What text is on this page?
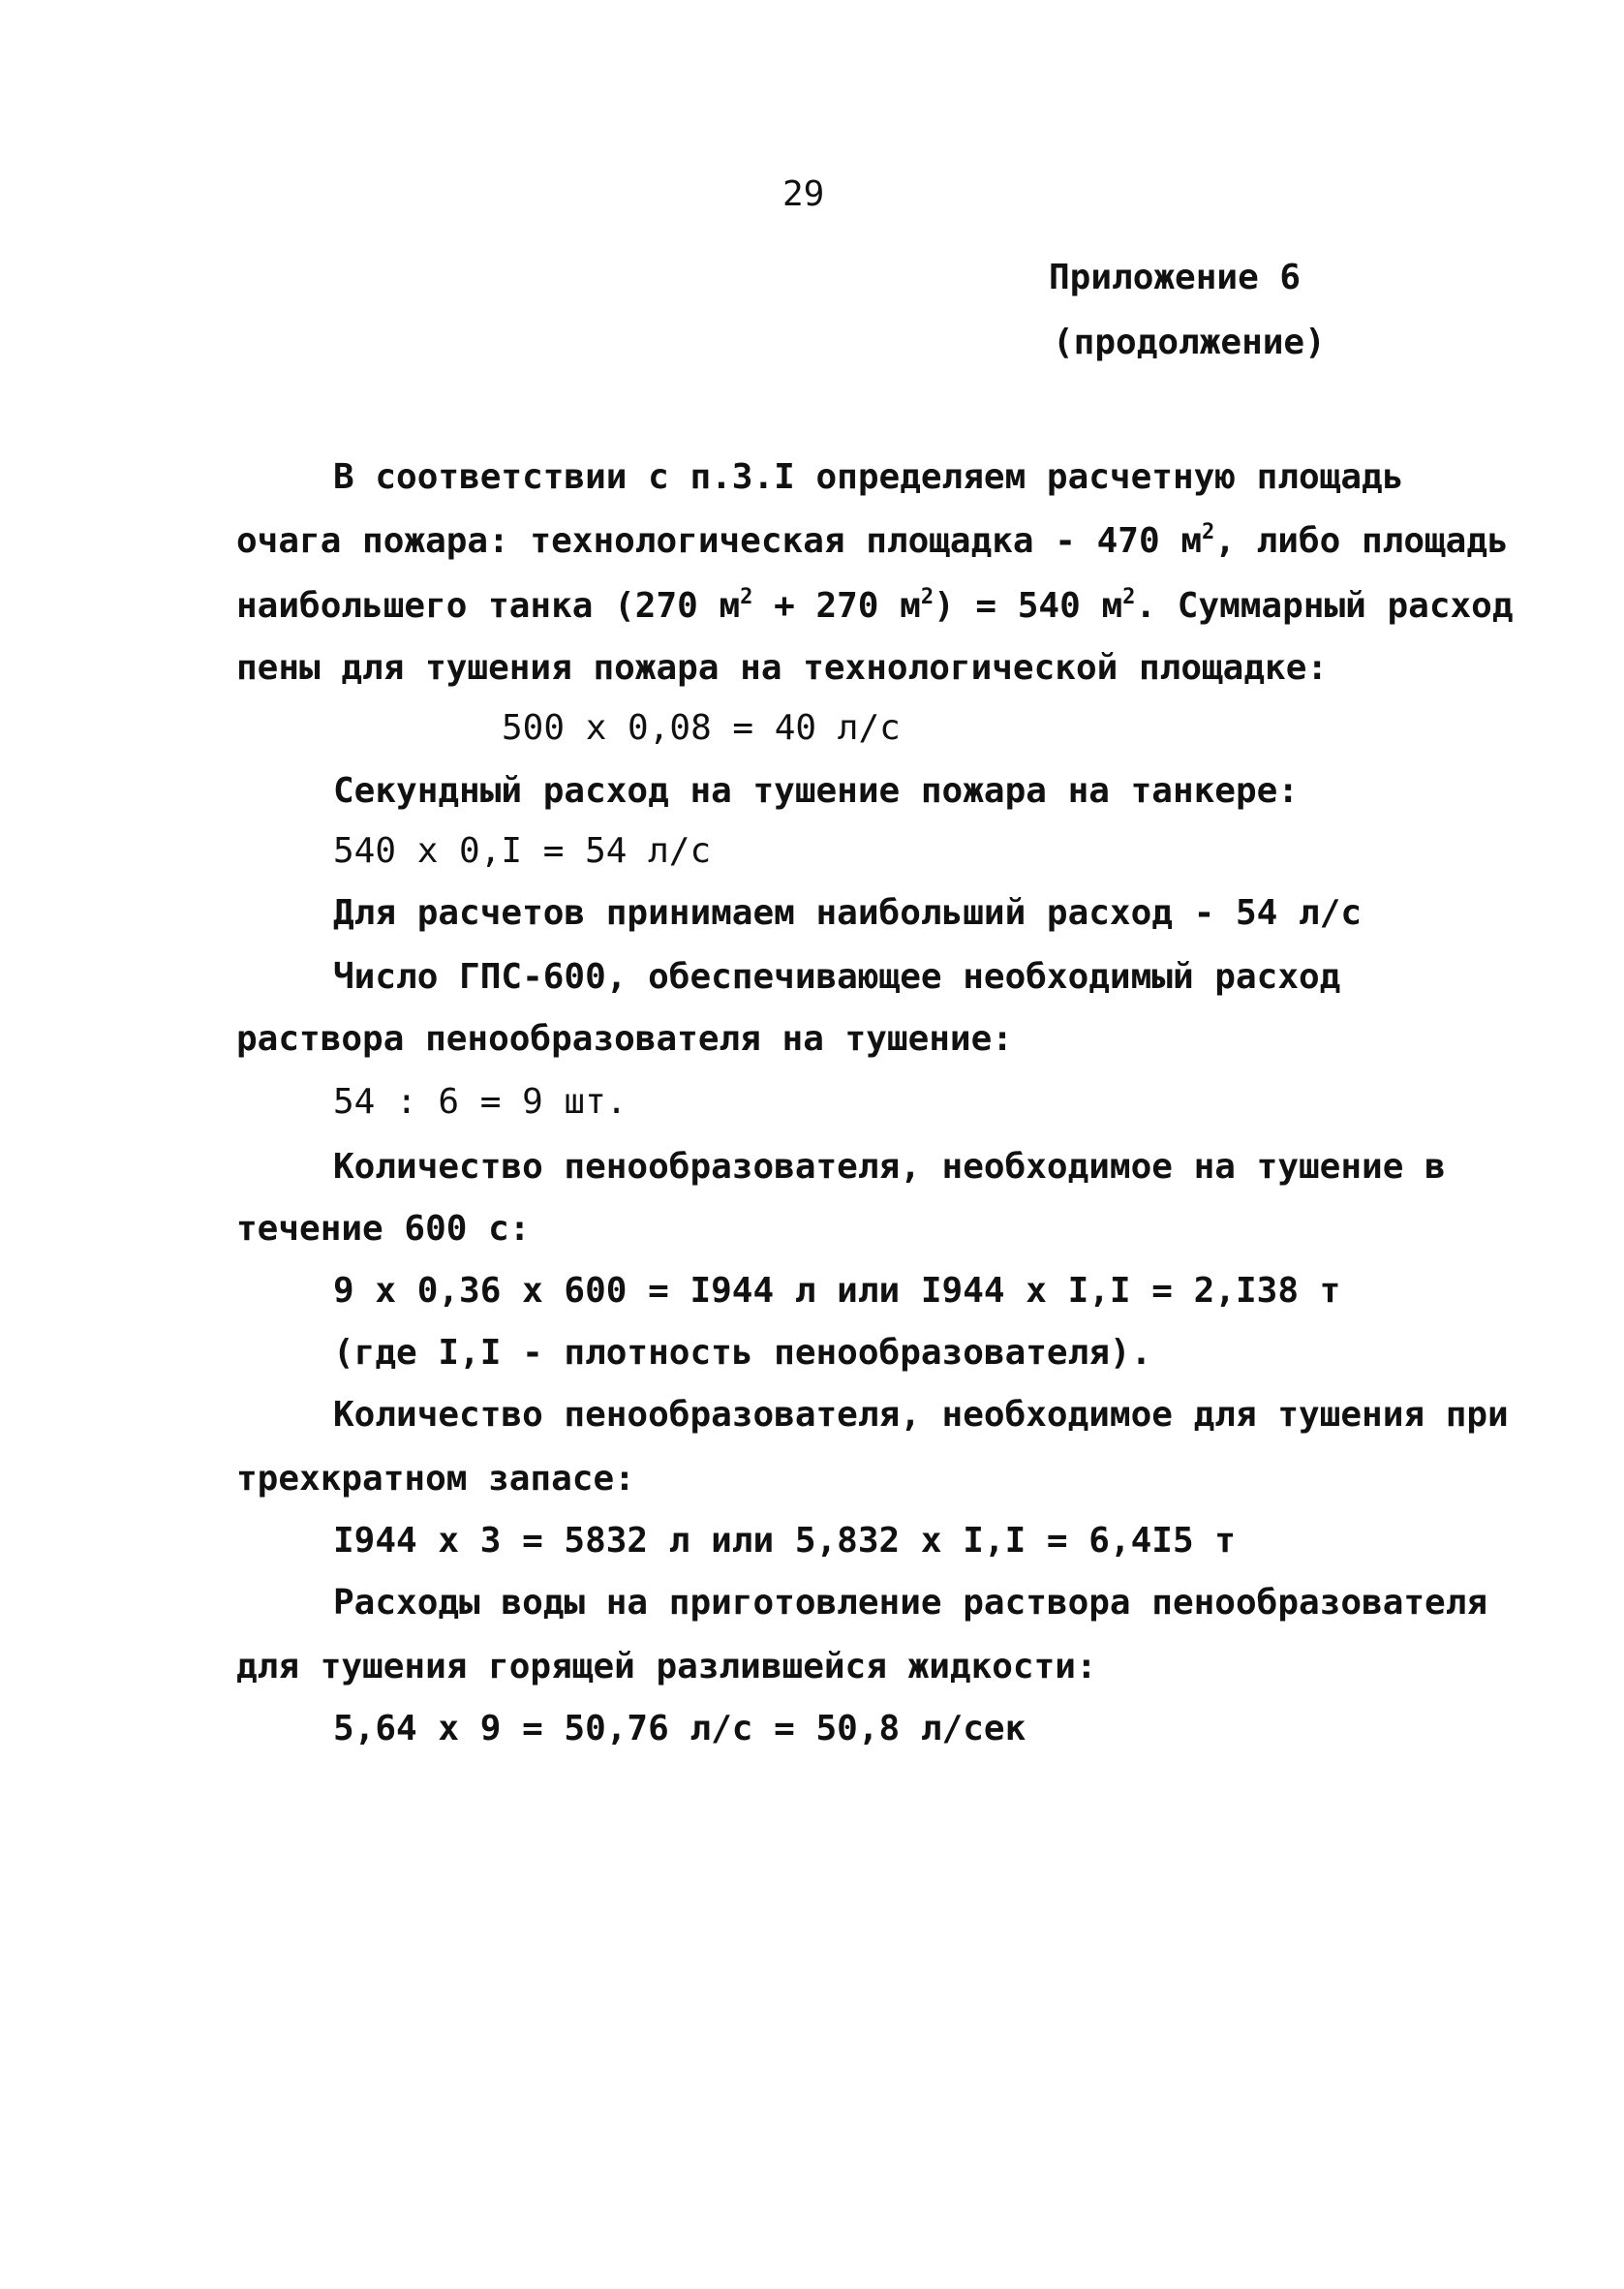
29
Приложение 6
(продолжение)
В соответствии с п.3.I определяем расчетную площадь
очага пожара: технологическая площадка - 470 $м^2$, либо площадь
наибольшего танка (270 $м^2 + 270$ $м^2) = 540$ $м^2$. Суммарный расход
пены для тушения пожара на технологической площадке:
500 х 0,08 = 40 л/с
Секундный расход на тушение пожара на танкере:
540 х 0,I = 54 л/с
Для расчетов принимаем наибольший расход - 54 л/с
Число ГПС-600, обеспечивающее необходимый расход
раствора пенообразователя на тушение:
54 : 6 = 9 шт.
Количество пенообразователя, необходимое на тушение в
течение 600 с:
9 х 0,36 х 600 = I944 л или I944 х I,I = 2,I38 т
(где I,I - плотность пенообразователя).
Количество пенообразователя, необходимое для тушения при
трехкратном запасе:
I944 х 3 = 5832 л или 5,832 х I,I = 6,4I5 т
Расходы воды на приготовление раствора пенообразователя
для тушения горящей разлившейся жидкости:
5,64 х 9 = 50,76 л/с = 50,8 л/сек
